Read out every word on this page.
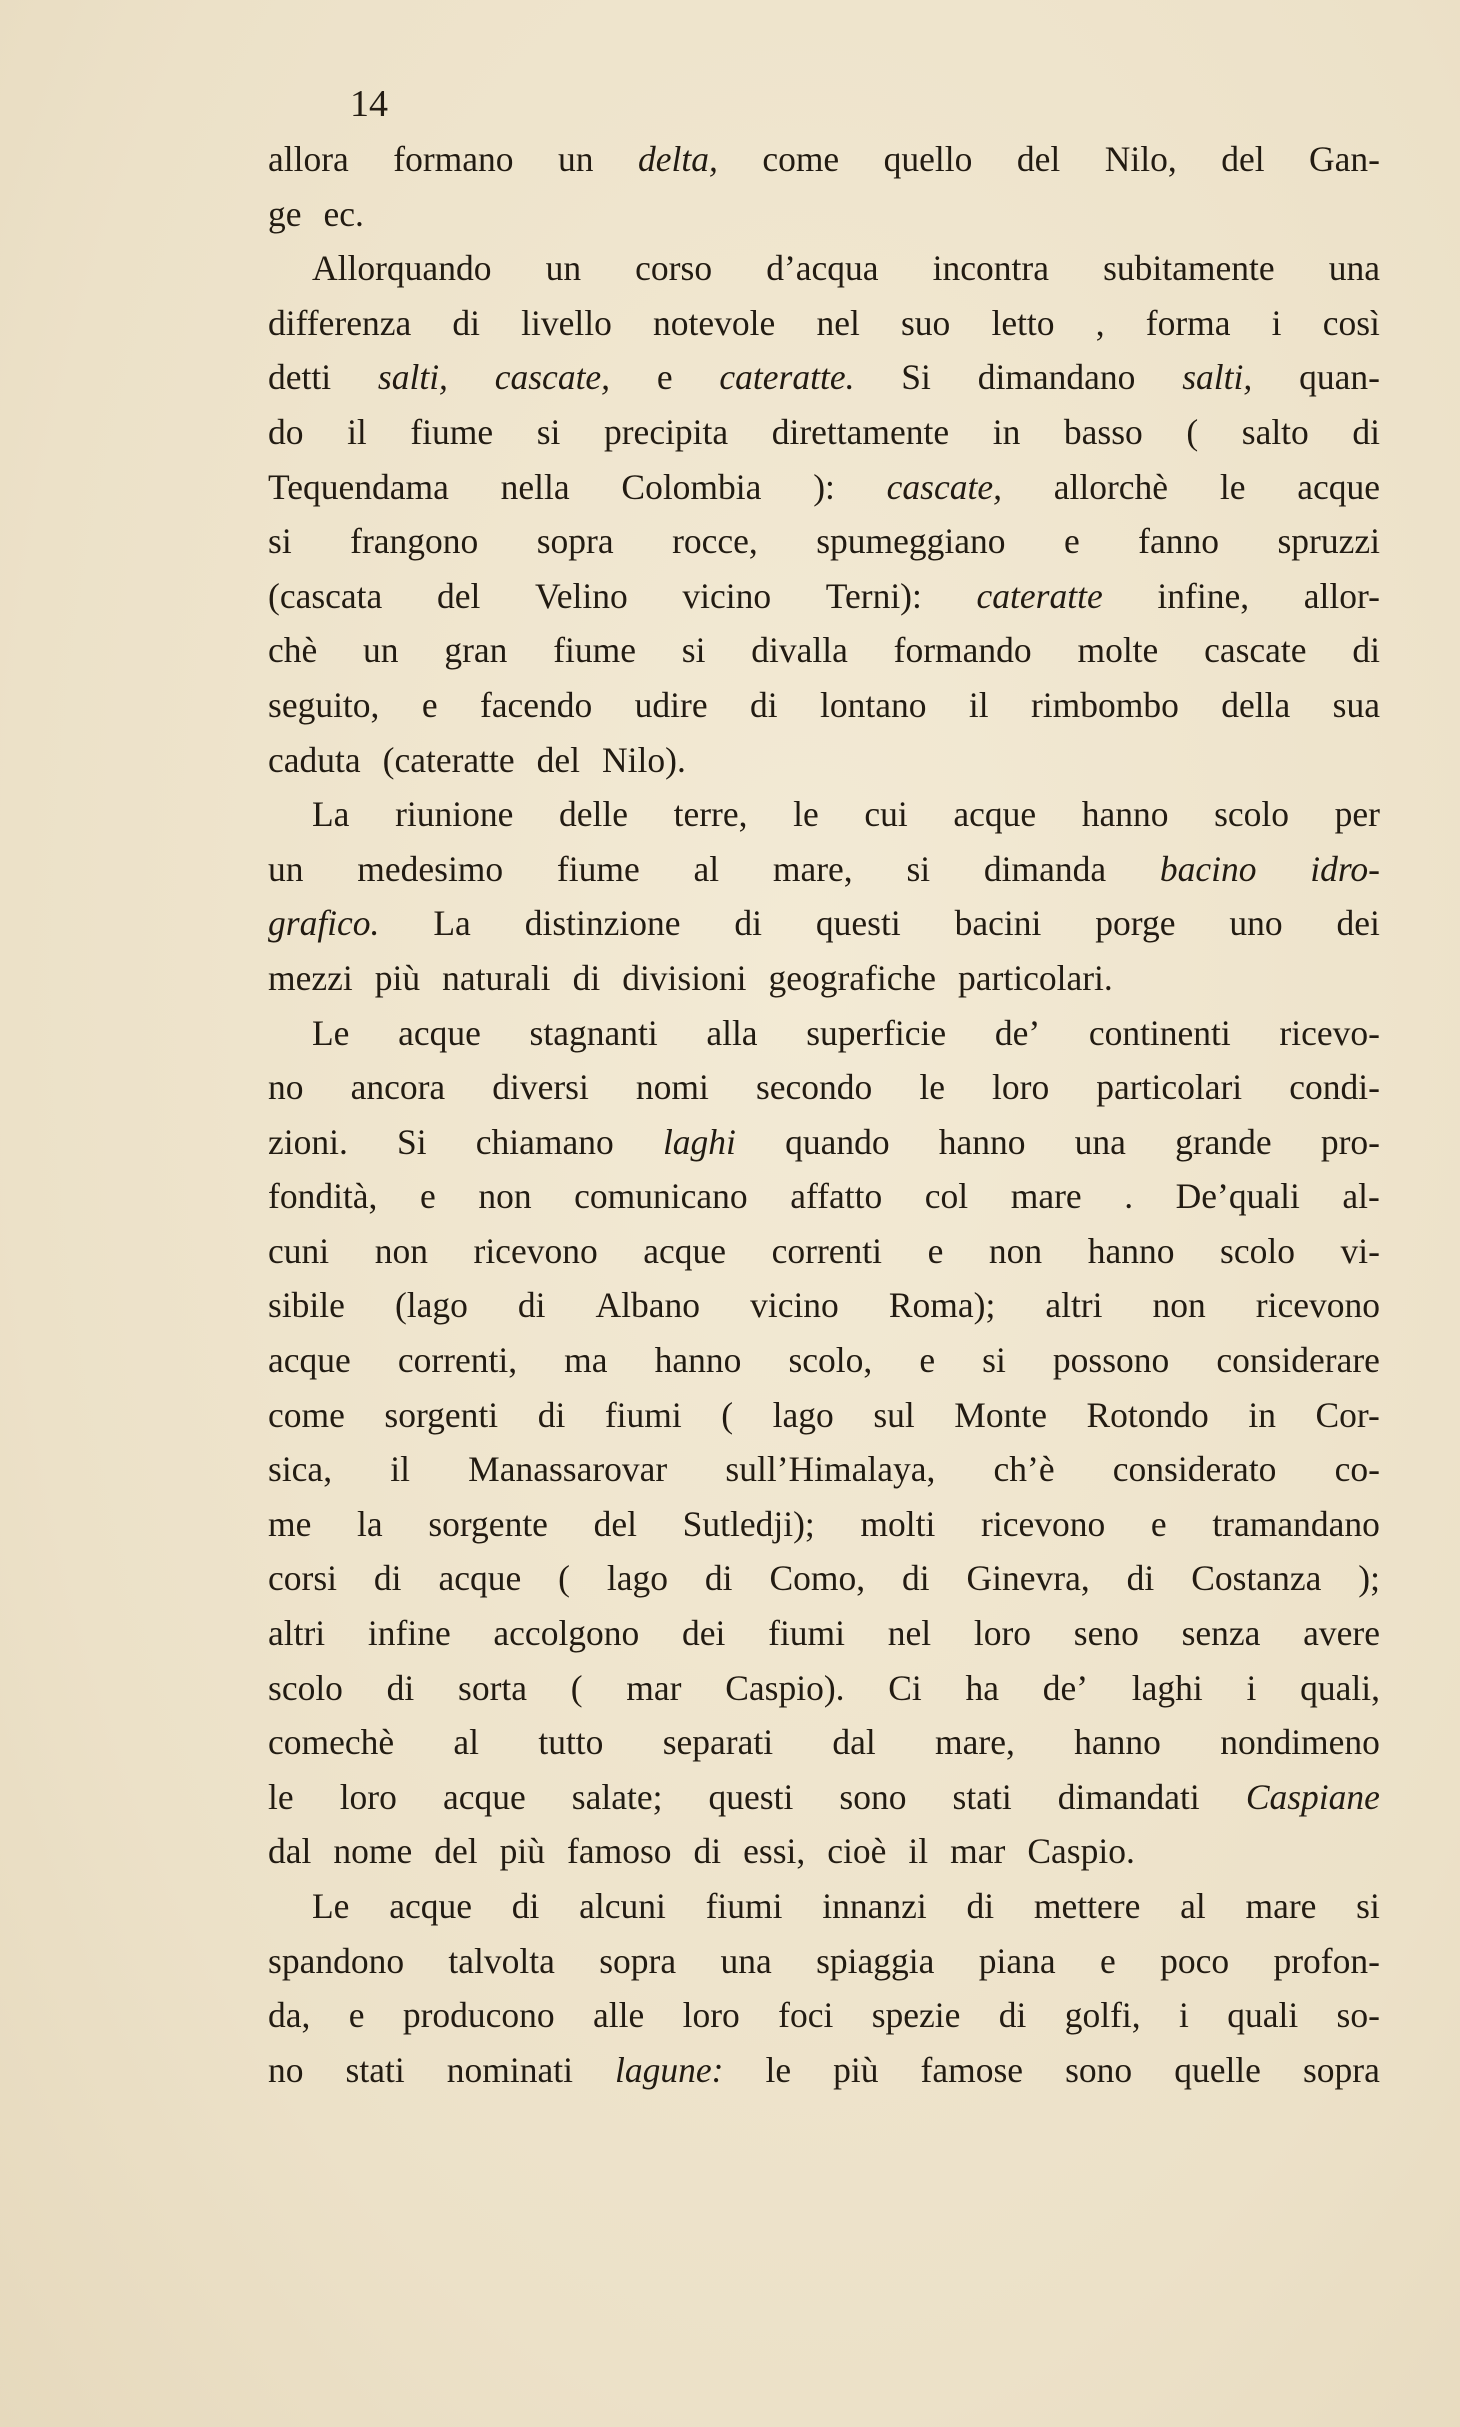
14
allora formano un delta, come quello del Nilo, del Gan-
ge ec.
Allorquando un corso d’acqua incontra subitamente una
differenza di livello notevole nel suo letto , forma i così
detti salti, cascate, e cateratte. Si dimandano salti, quan-
do il fiume si precipita direttamente in basso ( salto di
Tequendama nella Colombia ): cascate, allorchè le acque
si frangono sopra rocce, spumeggiano e fanno spruzzi
(cascata del Velino vicino Terni): cateratte infine, allor-
chè un gran fiume si divalla formando molte cascate di
seguito, e facendo udire di lontano il rimbombo della sua
caduta (cateratte del Nilo).
La riunione delle terre, le cui acque hanno scolo per
un medesimo fiume al mare, si dimanda bacino idro-
grafico. La distinzione di questi bacini porge uno dei
mezzi più naturali di divisioni geografiche particolari.
Le acque stagnanti alla superficie de’ continenti ricevo-
no ancora diversi nomi secondo le loro particolari condi-
zioni. Si chiamano laghi quando hanno una grande pro-
fondità, e non comunicano affatto col mare . De’quali al-
cuni non ricevono acque correnti e non hanno scolo vi-
sibile (lago di Albano vicino Roma); altri non ricevono
acque correnti, ma hanno scolo, e si possono considerare
come sorgenti di fiumi ( lago sul Monte Rotondo in Cor-
sica, il Manassarovar sull’Himalaya, ch’è considerato co-
me la sorgente del Sutledji); molti ricevono e tramandano
corsi di acque ( lago di Como, di Ginevra, di Costanza );
altri infine accolgono dei fiumi nel loro seno senza avere
scolo di sorta ( mar Caspio). Ci ha de’ laghi i quali,
comechè al tutto separati dal mare, hanno nondimeno
le loro acque salate; questi sono stati dimandati Caspiane
dal nome del più famoso di essi, cioè il mar Caspio.
Le acque di alcuni fiumi innanzi di mettere al mare si
spandono talvolta sopra una spiaggia piana e poco profon-
da, e producono alle loro foci spezie di golfi, i quali so-
no stati nominati lagune: le più famose sono quelle sopra
